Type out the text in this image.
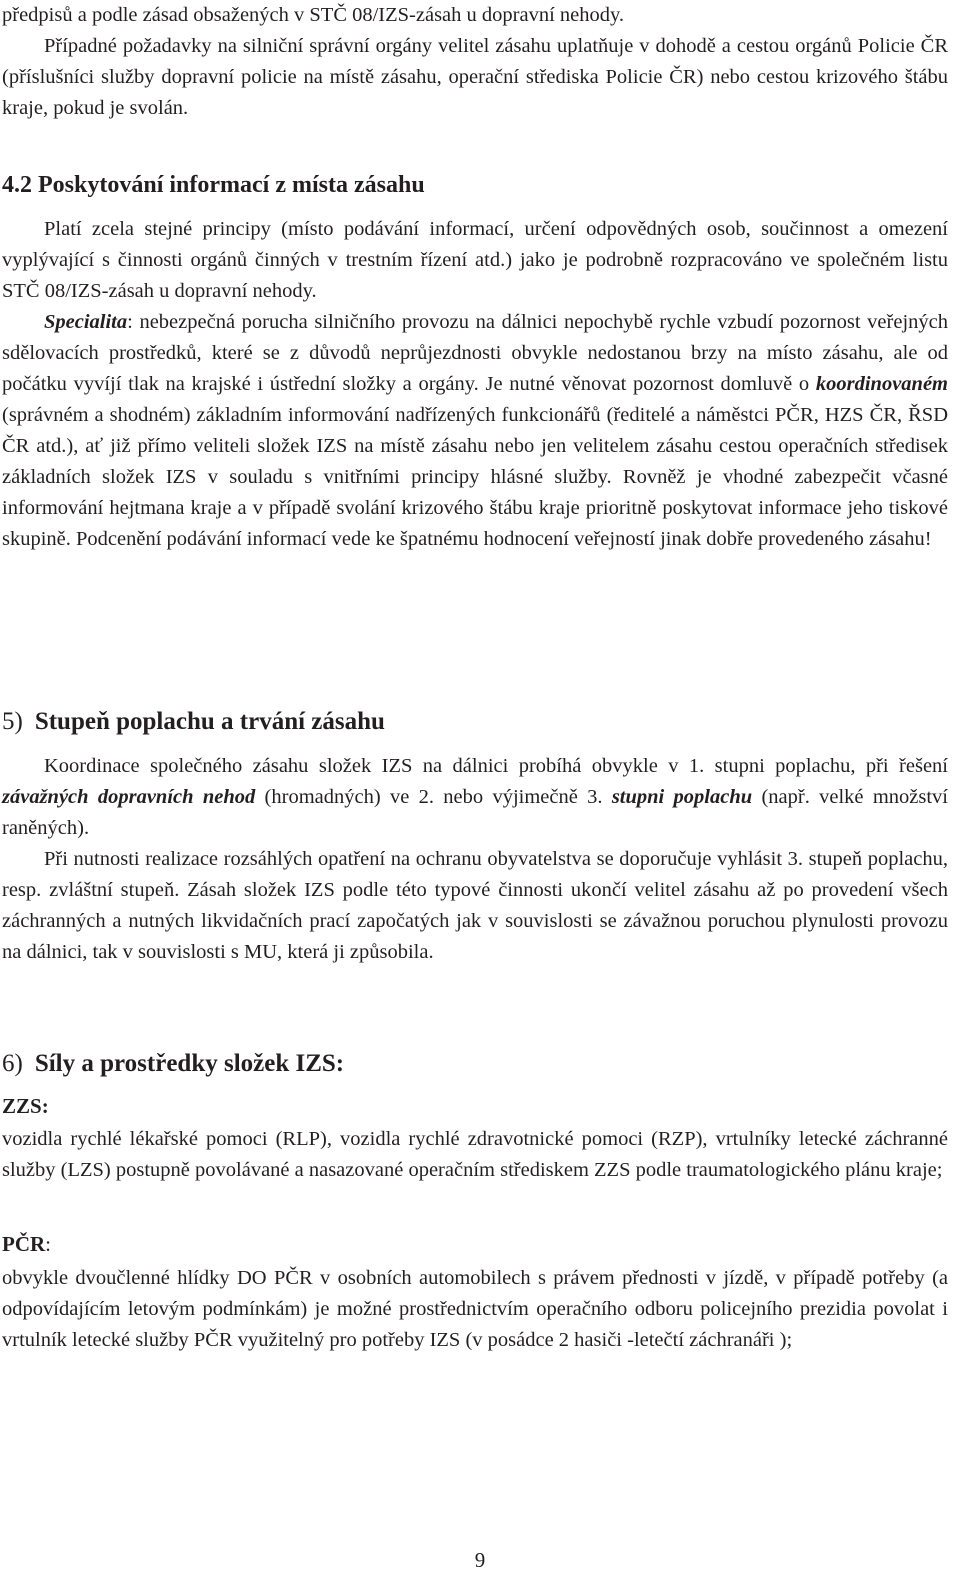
předpisů a podle zásad obsažených v STČ 08/IZS-zásah u dopravní nehody.

Případné požadavky na silniční správní orgány velitel zásahu uplatňuje v dohodě a cestou orgánů Policie ČR (příslušníci služby dopravní policie na místě zásahu, operační střediska Policie ČR) nebo cestou krizového štábu kraje, pokud je svolán.

4.2 Poskytování informací z místa zásahu

Platí zcela stejné principy (místo podávání informací, určení odpovědných osob, součinnost a omezení vyplývající s činnosti orgánů činných v trestním řízení atd.) jako je podrobně rozpracováno ve společném listu STČ 08/IZS-zásah u dopravní nehody.

Specialita: nebezpečná porucha silničního provozu na dálnici nepochybě rychle vzbudí pozornost veřejných sdělovacích prostředků, které se z důvodů neprůjezdnosti obvykle nedostanou brzy na místo zásahu, ale od počátku vyvíjí tlak na krajské i ústřední složky a orgány. Je nutné věnovat pozornost domluvě o koordinovaném (správném a shodném) základním informování nadřízených funkcionářů (ředitelé a náměstci PČR, HZS ČR, ŘSD ČR atd.), ať již přímo veliteli složek IZS na místě zásahu nebo jen velitelem zásahu cestou operačních středisek základních složek IZS v souladu s vnitřními principy hlásné služby. Rovněž je vhodné zabezpečit včasné informování hejtmana kraje a v případě svolání krizového štábu kraje prioritně poskytovat informace jeho tiskové skupině. Podcenění podávání informací vede ke špatnému hodnocení veřejností jinak dobře provedeného zásahu!

5) Stupeň poplachu a trvání zásahu

Koordinace společného zásahu složek IZS na dálnici probíhá obvykle v 1. stupni poplachu, při řešení závažných dopravních nehod (hromadných) ve 2. nebo výjimečně 3. stupni poplachu (např. velké množství raněných).

Při nutnosti realizace rozsáhlých opatření na ochranu obyvatelstva se doporučuje vyhlásit 3. stupeň poplachu, resp. zvláštní stupeň. Zásah složek IZS podle této typové činnosti ukončí velitel zásahu až po provedení všech záchranných a nutných likvidačních prací započatých jak v souvislosti se závažnou poruchou plynulosti provozu na dálnici, tak v souvislosti s MU, která ji způsobila.

6) Síly a prostředky složek IZS:
ZZS:

vozidla rychlé lékařské pomoci (RLP), vozidla rychlé zdravotnické pomoci (RZP), vrtulníky letecké záchranné služby (LZS) postupně povolávané a nasazované operačním střediskem ZZS podle traumatologického plánu kraje;

PČR:

obvykle dvoučlenné hlídky DO PČR v osobních automobilech s právem přednosti v jízdě, v případě potřeby (a odpovídajícím letovým podmínkám) je možné prostřednictvím operačního odboru policejního prezidia povolat i vrtulník letecké služby PČR využitelný pro potřeby IZS (v posádce 2 hasiči -letečtí záchranáři );

9
